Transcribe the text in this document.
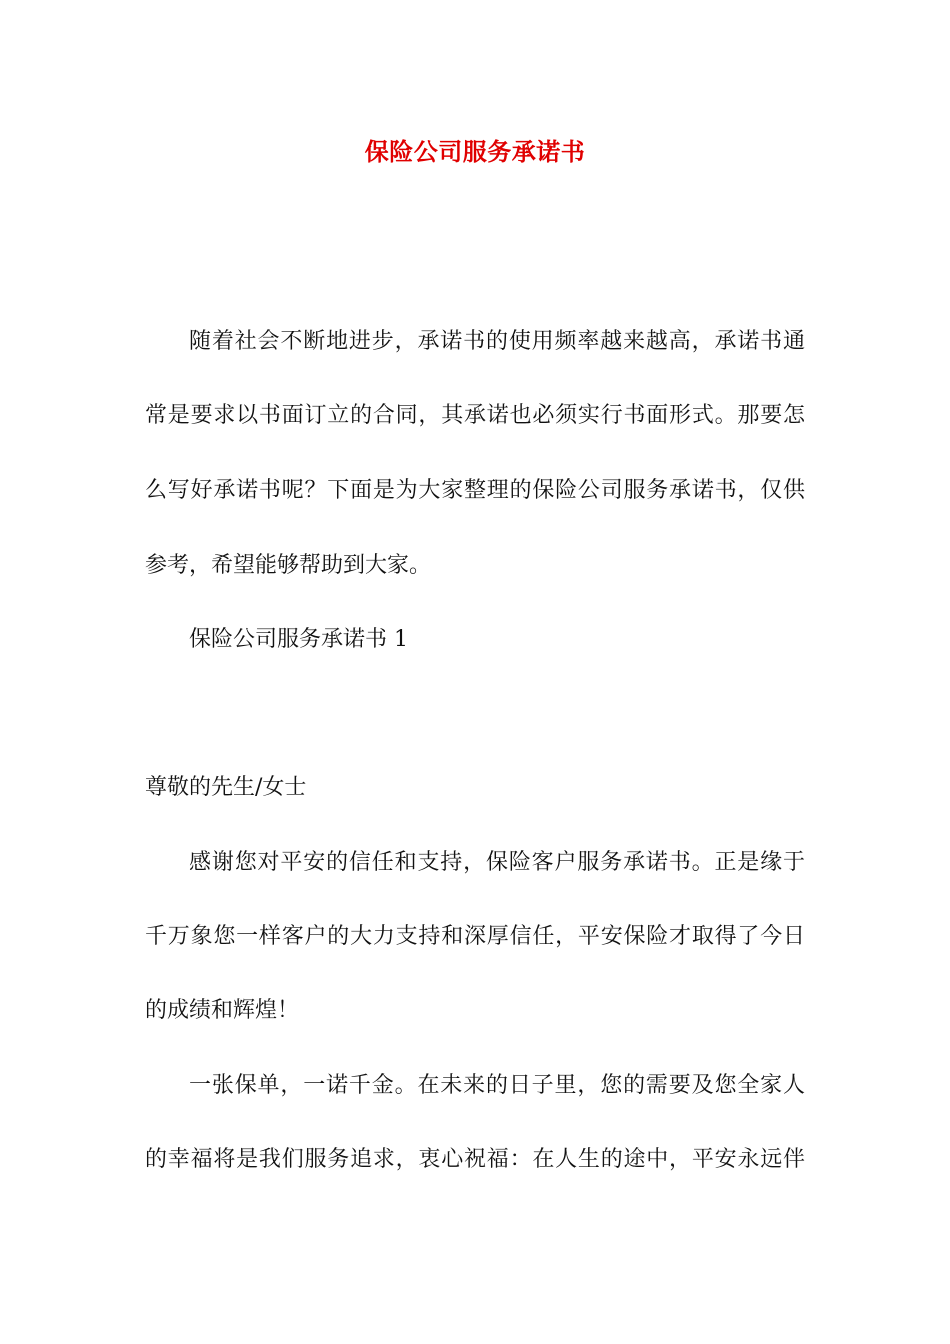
保险公司服务承诺书
随着社会不断地进步，承诺书的使用频率越来越高，承诺书通
常是要求以书面订立的合同，其承诺也必须实行书面形式。那要怎
么写好承诺书呢？下面是为大家整理的保险公司服务承诺书，仅供
参考，希望能够帮助到大家。
保险公司服务承诺书 1
尊敬的先生/女士
感谢您对平安的信任和支持，保险客户服务承诺书。正是缘于
千万象您一样客户的大力支持和深厚信任，平安保险才取得了今日
的成绩和辉煌！
一张保单，一诺千金。在未来的日子里，您的需要及您全家人
的幸福将是我们服务追求，衷心祝福：在人生的途中，平安永远伴
